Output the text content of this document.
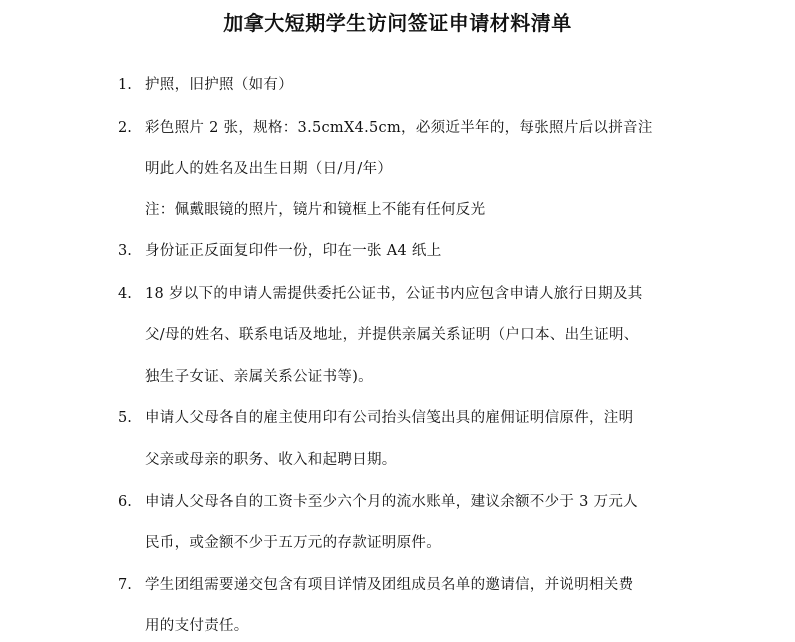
加拿大短期学生访问签证申请材料清单
1. 护照，旧护照（如有）
2. 彩色照片 2 张，规格：3.5cmX4.5cm，必须近半年的，每张照片后以拼音注
明此人的姓名及出生日期（日/月/年）
注：佩戴眼镜的照片，镜片和镜框上不能有任何反光
3. 身份证正反面复印件一份，印在一张 A4 纸上
4. 18 岁以下的申请人需提供委托公证书，公证书内应包含申请人旅行日期及其
父/母的姓名、联系电话及地址，并提供亲属关系证明（户口本、出生证明、
独生子女证、亲属关系公证书等)。
5. 申请人父母各自的雇主使用印有公司抬头信笺出具的雇佣证明信原件，注明
父亲或母亲的职务、收入和起聘日期。
6. 申请人父母各自的工资卡至少六个月的流水账单，建议余额不少于 3 万元人
民币，或金额不少于五万元的存款证明原件。
7. 学生团组需要递交包含有项目详情及团组成员名单的邀请信，并说明相关费
用的支付责任。
